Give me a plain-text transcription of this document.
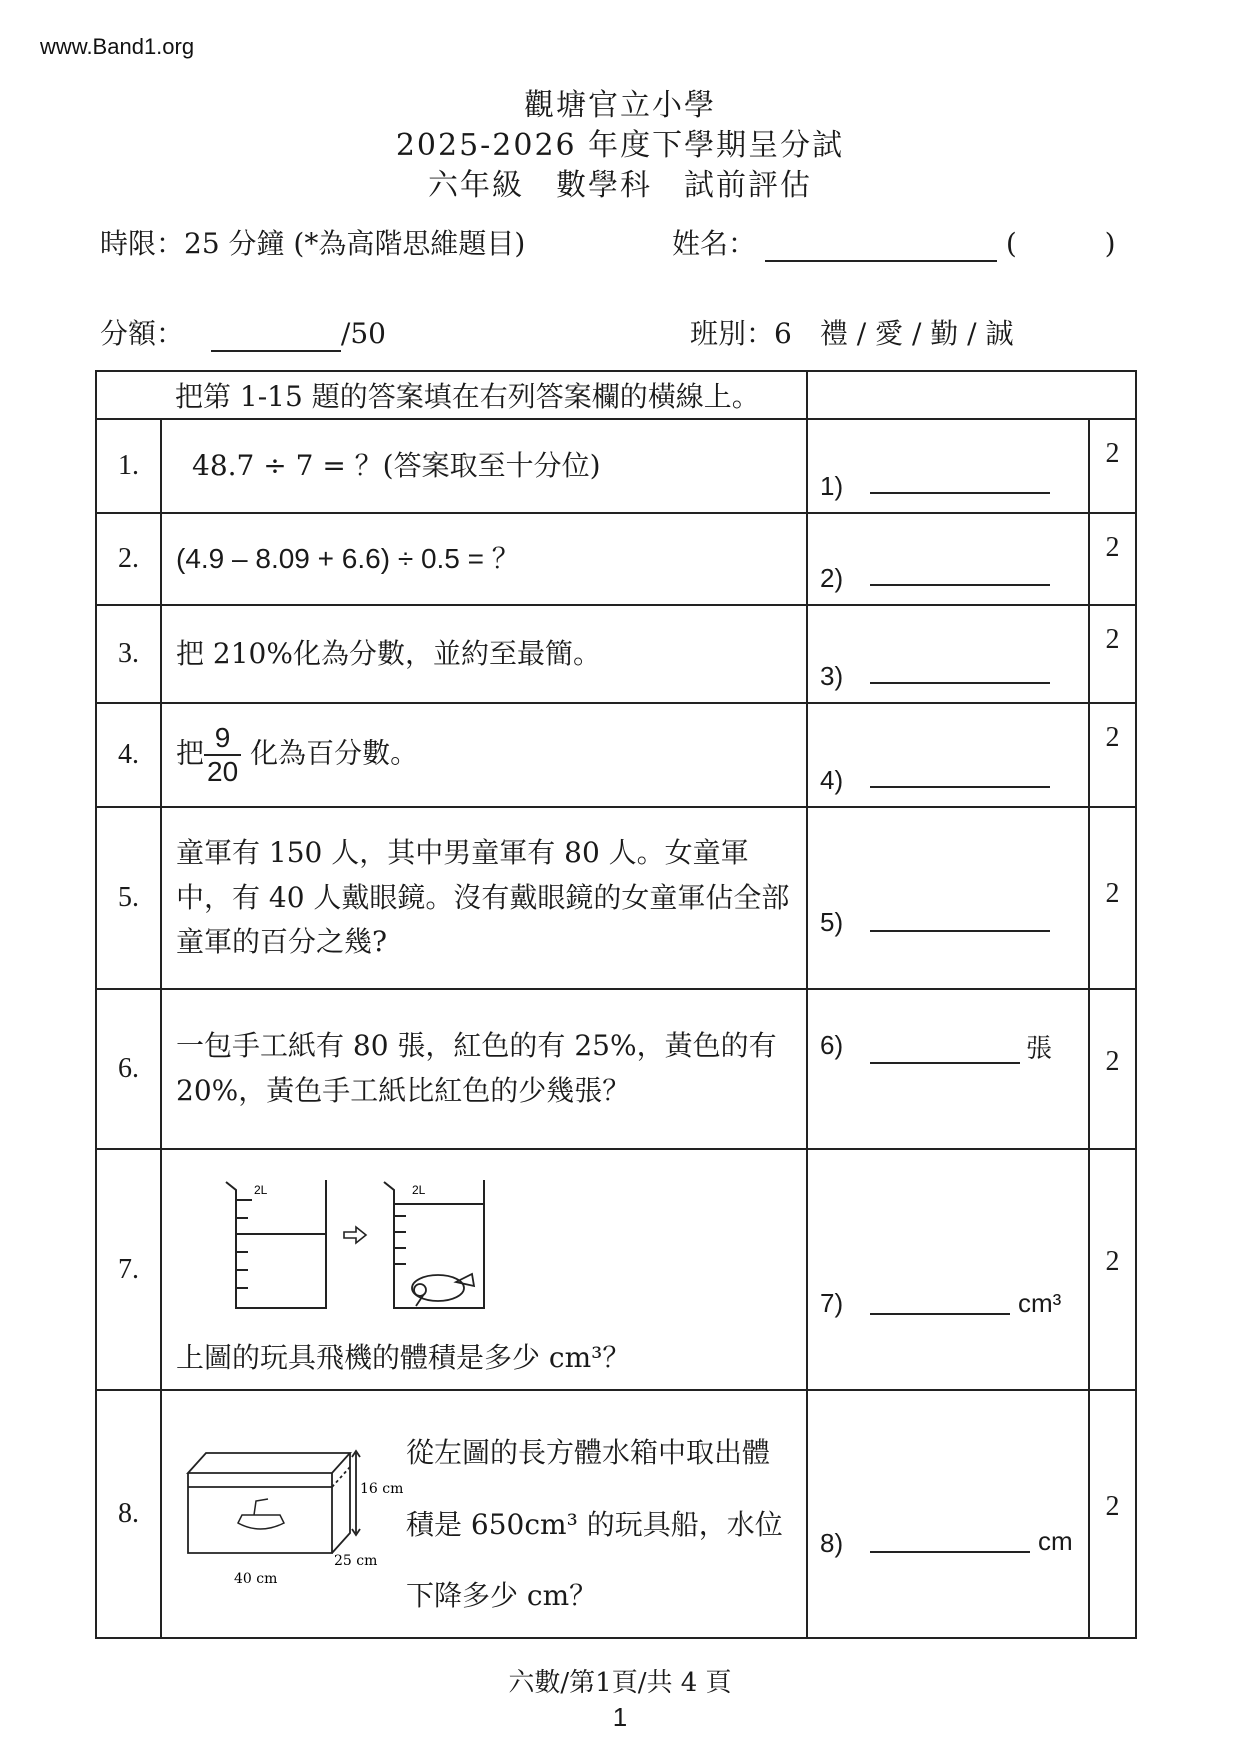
www.Band1.org
觀塘官立小學
2025-2026 年度下學期呈分試
六年級　數學科　試前評估
時限：25 分鐘 (*為高階思維題目)	姓名：	(	)
分額：	/50	班別：6　禮 / 愛 / 勤 / 誠
把第 1-15 題的答案填在右列答案欄的橫線上。			
1.	48.7 ÷ 7 = ？(答案取至十分位)	1)	2
2.	(4.9 – 8.09 + 6.6) ÷ 0.5 = ？	2)	2
3.	把 210%化為分數，並約至最簡。	3)	2
4.	把 $\frac{9}{20}$ 化為百分數。	4)	2
5.	童軍有 150 人，其中男童軍有 80 人。女童軍中，有 40 人戴眼鏡。沒有戴眼鏡的女童軍佔全部童軍的百分之幾?	5)	2
6.	一包手工紙有 80 張，紅色的有 25%，黃色的有 20%，黃色手工紙比紅色的少幾張？	6) 張	2
7.	2L 2L
上圖的玩具飛機的體積是多少 cm³？	7) cm³	2
8.	16 cm
25 cm
40 cm
從左圖的長方體水箱中取出體積是 650cm³ 的玩具船，水位下降多少 cm？	8) cm	2
六數/第1頁/共 4 頁
1
